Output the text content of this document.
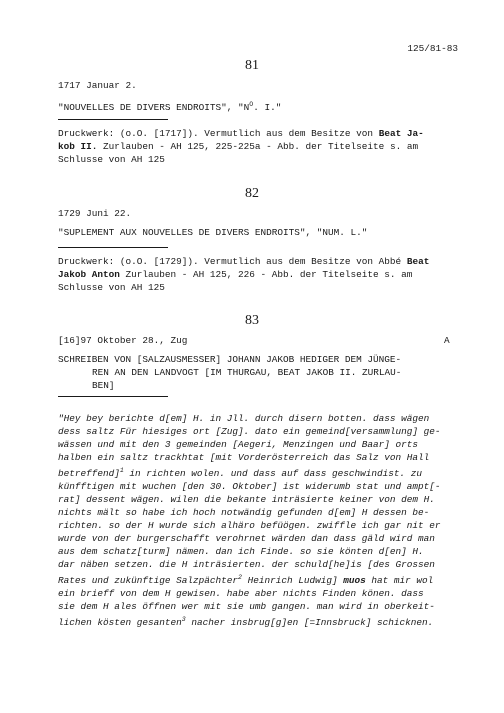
125/81-83
81
1717 Januar 2.
"NOUVELLES DE DIVERS ENDROITS", "$N^O$. I."
Druckwerk: (o.O. [1717]). Vermutlich aus dem Besitze von Beat Ja-
kob II. Zurlauben - AH 125, 225-225a - Abb. der Titelseite s. am
Schlusse von AH 125
82
1729 Juni 22.
"SUPLEMENT AUX NOUVELLES DE DIVERS ENDROITS", "NUM. L."
Druckwerk: (o.O. [1729]). Vermutlich aus dem Besitze von Abbé Beat
Jakob Anton Zurlauben - AH 125, 226 - Abb. der Titelseite s. am
Schlusse von AH 125
83
[16]97 Oktober 28., Zug	A
SCHREIBEN VON [SALZAUSMESSER] JOHANN JAKOB HEDIGER DEM JÜNGE-
REN AN DEN LANDVOGT [IM THURGAU, BEAT JAKOB II. ZURLAU-
BEN]
"Hey bey berichte d[em] H. in Jll. durch disern botten. dass wägen
dess saltz Für hiesiges ort [Zug]. dato ein gemeind[versammlung] ge-
wässen und mit den 3 gemeinden [Aegeri, Menzingen und Baar] orts
halben ein saltz trackhtat [mit Vorderösterreich das Salz von Hall
betreffend]$^1$ in richten wolen. und dass auf dass geschwindist. zu
künfftigen mit wuchen [den 30. Oktober] ist widerumb stat und ampt[-
rat] dessent wägen. wilen die bekante inträsierte keiner von dem H.
nichts mält so habe ich hoch notwändig gefunden d[em] H dessen be-
richten. so der H wurde sich alhäro befüögen. zwiffle ich gar nit er
wurde von der burgerschafft verohrnet wärden dan dass gäld wird man
aus dem schatz[turm] nämen. dan ich Finde. so sie könten d[en] H.
dar näben setzen. die H inträsierten. der schuld[he]is [des Grossen
Rates und zukünftige Salzpächter$^2$ Heinrich Ludwig] muos hat mir wol
ein brieff von dem H gewisen. habe aber nichts Finden könen. dass
sie dem H ales öffnen wer mit sie umb gangen. man wird in oberkeit-
lichen kösten gesanten$^3$ nacher insbrug[g]en [=Innsbruck] schicknen.
